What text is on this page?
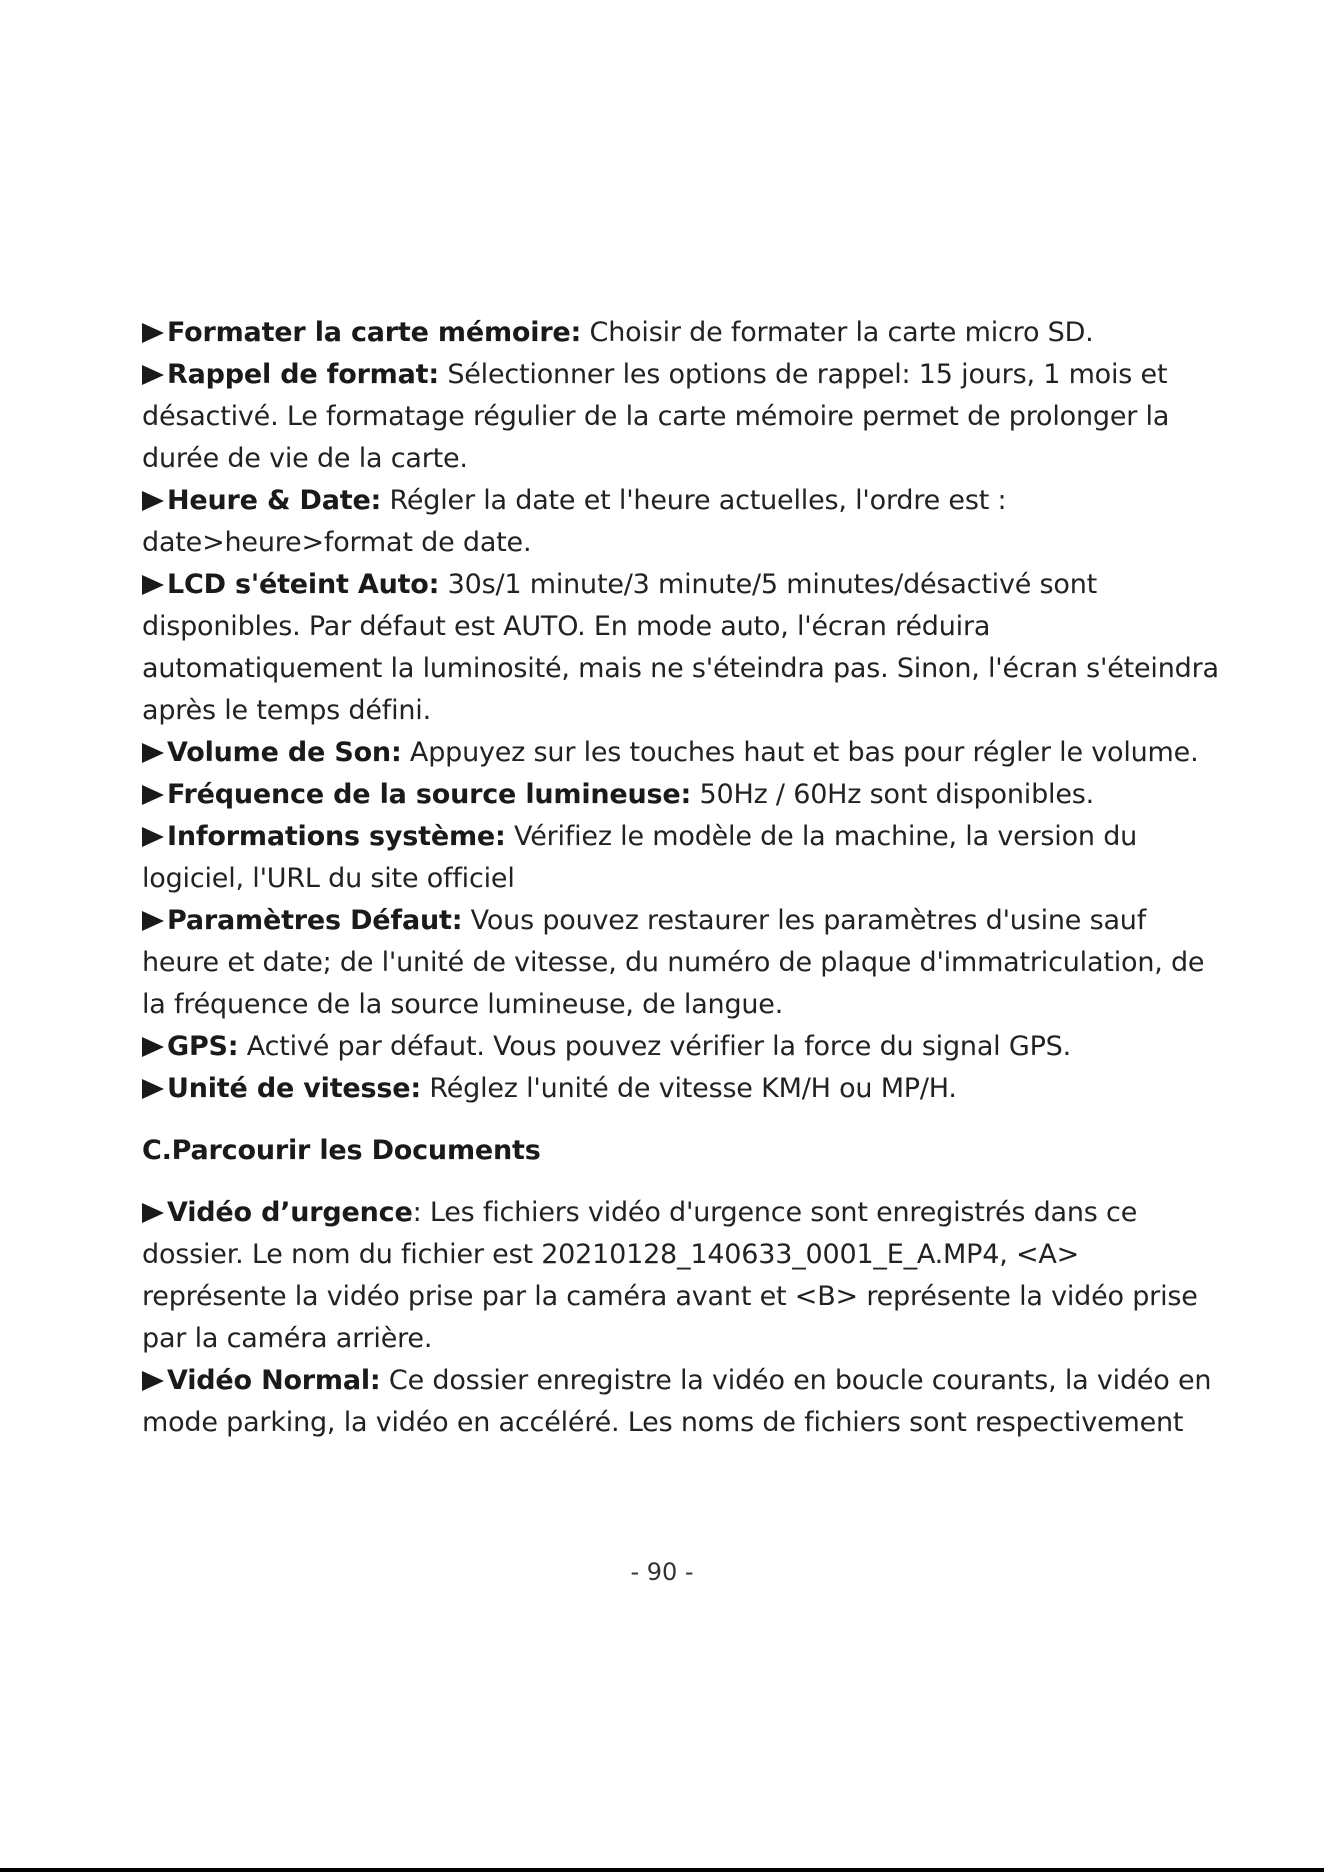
Formater la carte mémoire: Choisir de formater la carte micro SD.

Rappel de format: Sélectionner les options de rappel: 15 jours, 1 mois et désactivé. Le formatage régulier de la carte mémoire permet de prolonger la durée de vie de la carte.

Heure & Date: Régler la date et l'heure actuelles, l'ordre est : date>heure>format de date.

LCD s'éteint Auto: 30s/1 minute/3 minute/5 minutes/désactivé sont disponibles. Par défaut est AUTO. En mode auto, l'écran réduira automatiquement la luminosité, mais ne s'éteindra pas. Sinon, l'écran s'éteindra après le temps défini.

Volume de Son: Appuyez sur les touches haut et bas pour régler le volume.

Fréquence de la source lumineuse: 50Hz / 60Hz sont disponibles.

Informations système: Vérifiez le modèle de la machine, la version du logiciel, l'URL du site officiel

Paramètres Défaut: Vous pouvez restaurer les paramètres d'usine sauf heure et date; de l'unité de vitesse, du numéro de plaque d'immatriculation, de la fréquence de la source lumineuse, de langue.

GPS: Activé par défaut. Vous pouvez vérifier la force du signal GPS.

Unité de vitesse: Réglez l'unité de vitesse KM/H ou MP/H.

C.Parcourir les Documents

Vidéo d’urgence: Les fichiers vidéo d'urgence sont enregistrés dans ce dossier. Le nom du fichier est 20210128_140633_0001_E_A.MP4, <A> représente la vidéo prise par la caméra avant et <B> représente la vidéo prise par la caméra arrière.

Vidéo Normal: Ce dossier enregistre la vidéo en boucle courants, la vidéo en mode parking, la vidéo en accéléré. Les noms de fichiers sont respectivement

- 90 -
